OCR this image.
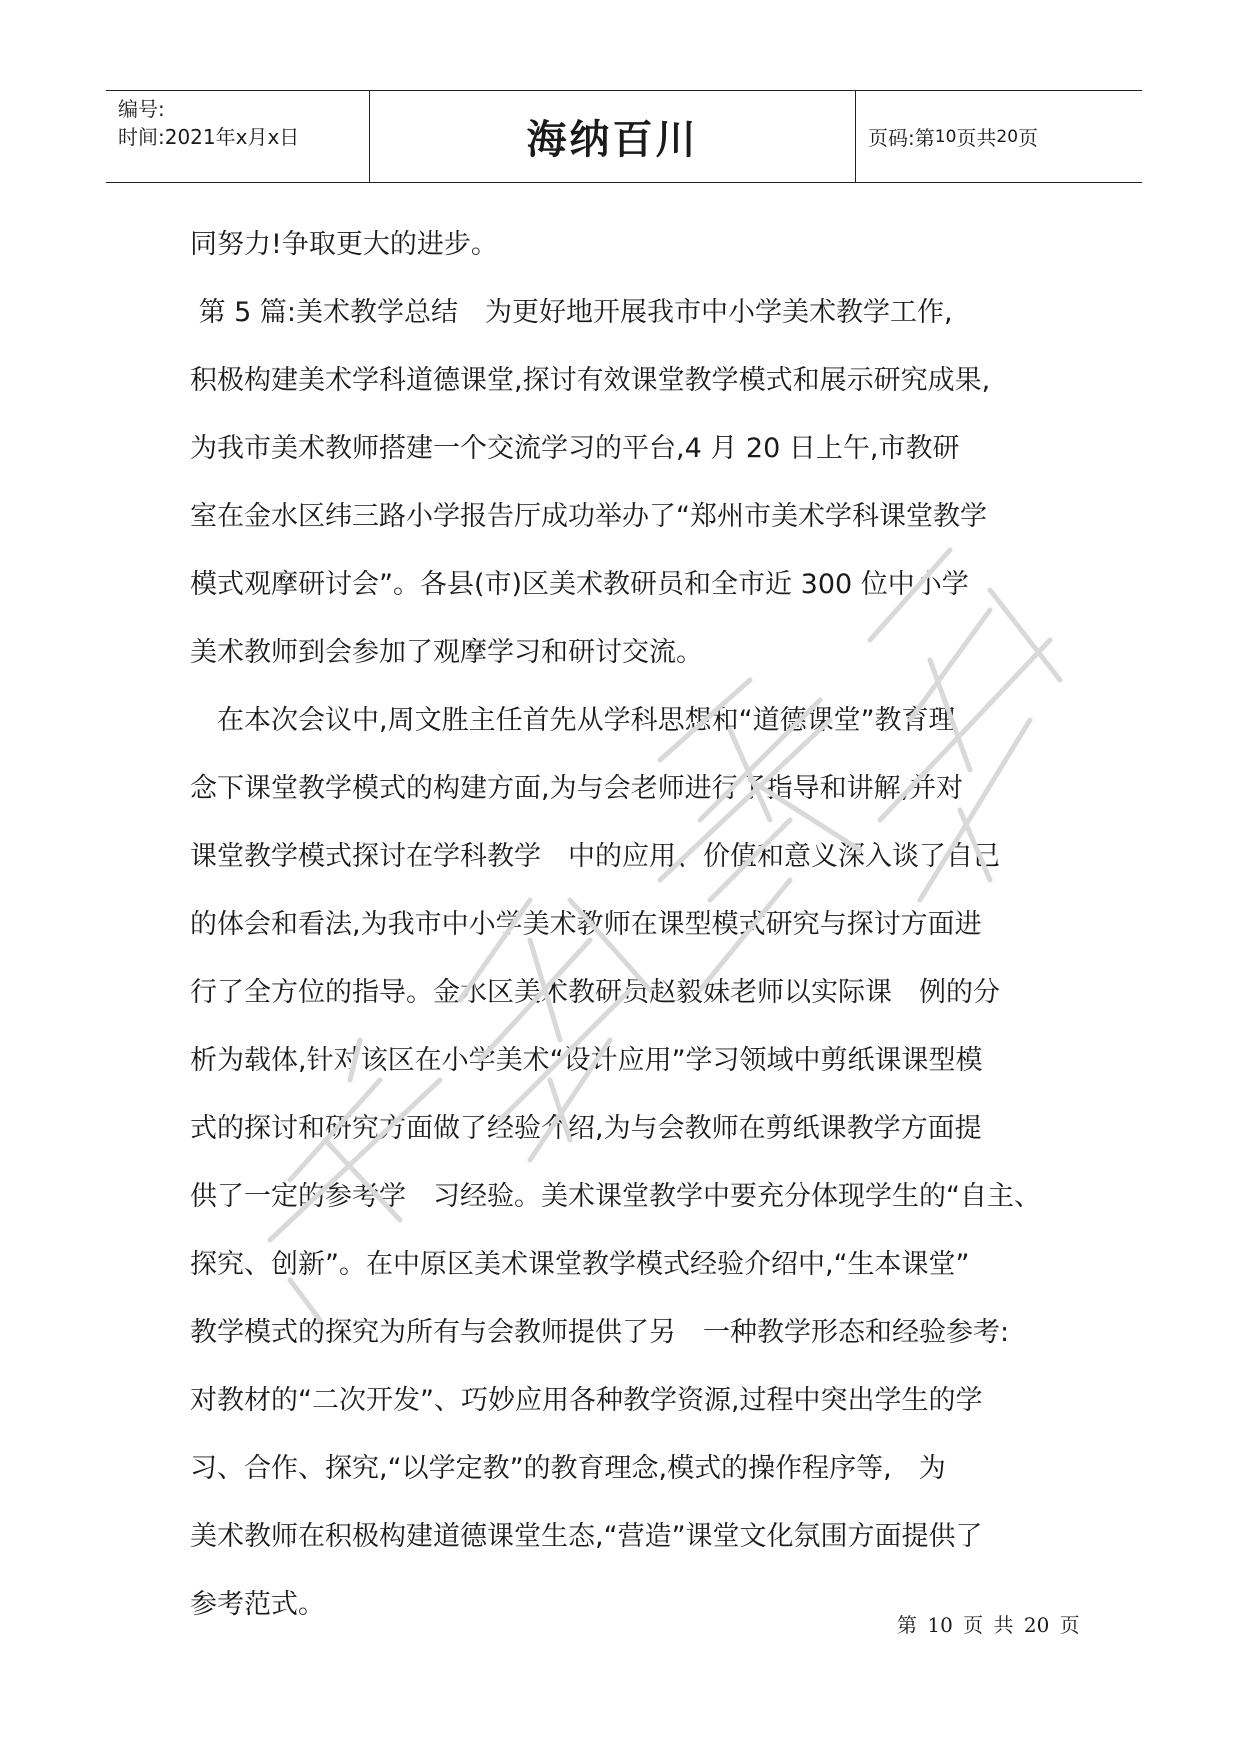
编号:
时间:2021年x月x日	海纳百川	页码:第 10 页共 20 页
同努力!争取更大的进步。
第 5 篇:美术教学总结　为更好地开展我市中小学美术教学工作,
积极构建美术学科道德课堂,探讨有效课堂教学模式和展示研究成果,
为我市美术教师搭建一个交流学习的平台,4 月 20 日上午,市教研
室在金水区纬三路小学报告厅成功举办了“郑州市美术学科课堂教学
模式观摩研讨会”。各县(市)区美术教研员和全市近 300 位中小学
美术教师到会参加了观摩学习和研讨交流。
　在本次会议中,周文胜主任首先从学科思想和“道德课堂”教育理
念下课堂教学模式的构建方面,为与会老师进行了指导和讲解,并对
课堂教学模式探讨在学科教学　中的应用、价值和意义深入谈了自己
的体会和看法,为我市中小学美术教师在课型模式研究与探讨方面进
行了全方位的指导。金水区美术教研员赵毅妹老师以实际课　例的分
析为载体,针对该区在小学美术“设计应用”学习领域中剪纸课课型模
式的探讨和研究方面做了经验介绍,为与会教师在剪纸课教学方面提
供了一定的参考学　习经验。美术课堂教学中要充分体现学生的“自主、
探究、创新”。在中原区美术课堂教学模式经验介绍中,“生本课堂”
教学模式的探究为所有与会教师提供了另　一种教学形态和经验参考:
对教材的“二次开发”、巧妙应用各种教学资源,过程中突出学生的学
习、合作、探究,“以学定教”的教育理念,模式的操作程序等,　为
美术教师在积极构建道德课堂生态,“营造”课堂文化氛围方面提供了
参考范式。
第 10 页 共 20 页
